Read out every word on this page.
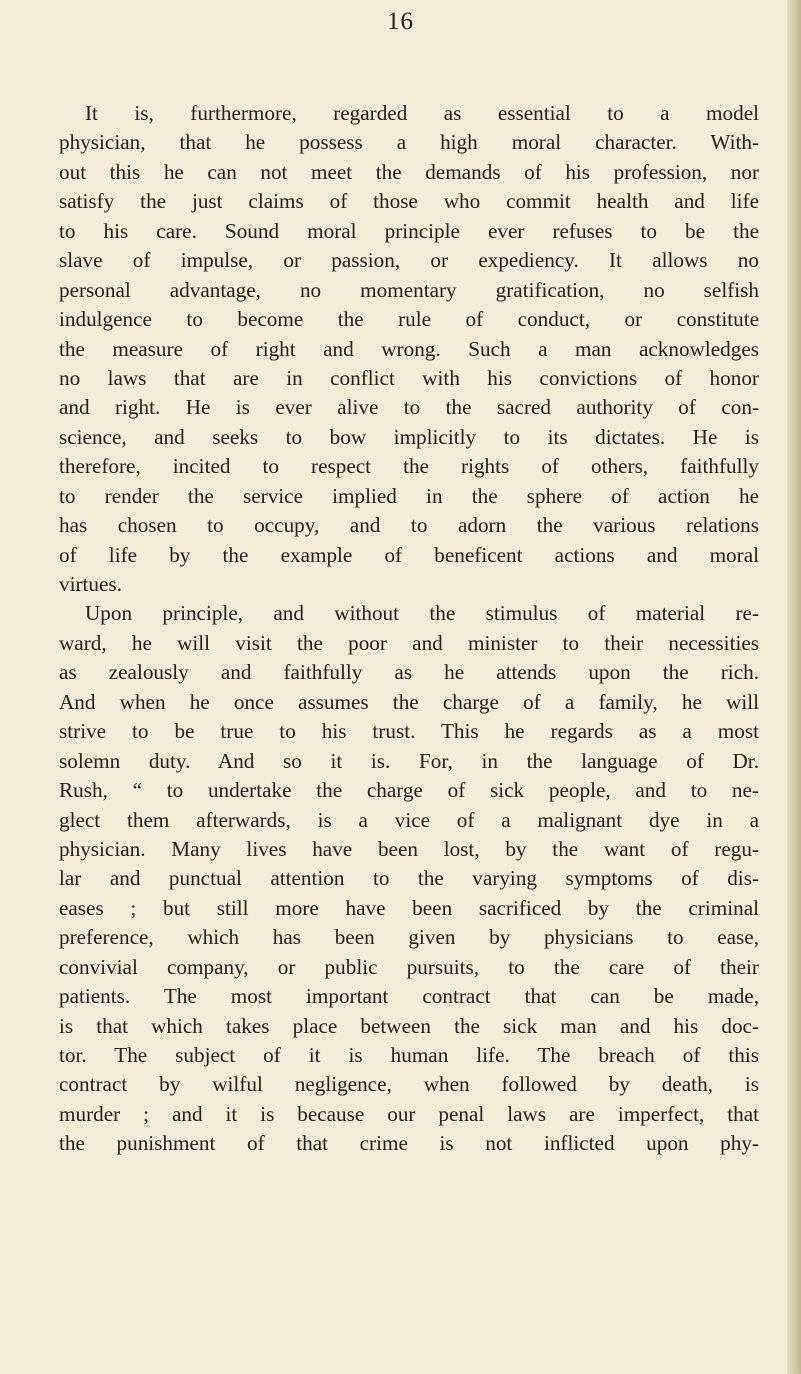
16
It is, furthermore, regarded as essential to a model
physician, that he possess a high moral character. With-
out this he can not meet the demands of his profession, nor
satisfy the just claims of those who commit health and life
to his care. Sound moral principle ever refuses to be the
slave of impulse, or passion, or expediency. It allows no
personal advantage, no momentary gratification, no selfish
indulgence to become the rule of conduct, or constitute
the measure of right and wrong. Such a man acknowledges
no laws that are in conflict with his convictions of honor
and right. He is ever alive to the sacred authority of con-
science, and seeks to bow implicitly to its dictates. He is
therefore, incited to respect the rights of others, faithfully
to render the service implied in the sphere of action he
has chosen to occupy, and to adorn the various relations
of life by the example of beneficent actions and moral
virtues.
Upon principle, and without the stimulus of material re-
ward, he will visit the poor and minister to their necessities
as zealously and faithfully as he attends upon the rich.
And when he once assumes the charge of a family, he will
strive to be true to his trust. This he regards as a most
solemn duty. And so it is. For, in the language of Dr.
Rush, “ to undertake the charge of sick people, and to ne-
glect them afterwards, is a vice of a malignant dye in a
physician. Many lives have been lost, by the want of regu-
lar and punctual attention to the varying symptoms of dis-
eases ; but still more have been sacrificed by the criminal
preference, which has been given by physicians to ease,
convivial company, or public pursuits, to the care of their
patients. The most important contract that can be made,
is that which takes place between the sick man and his doc-
tor. The subject of it is human life. The breach of this
contract by wilful negligence, when followed by death, is
murder ; and it is because our penal laws are imperfect, that
the punishment of that crime is not inflicted upon phy-
